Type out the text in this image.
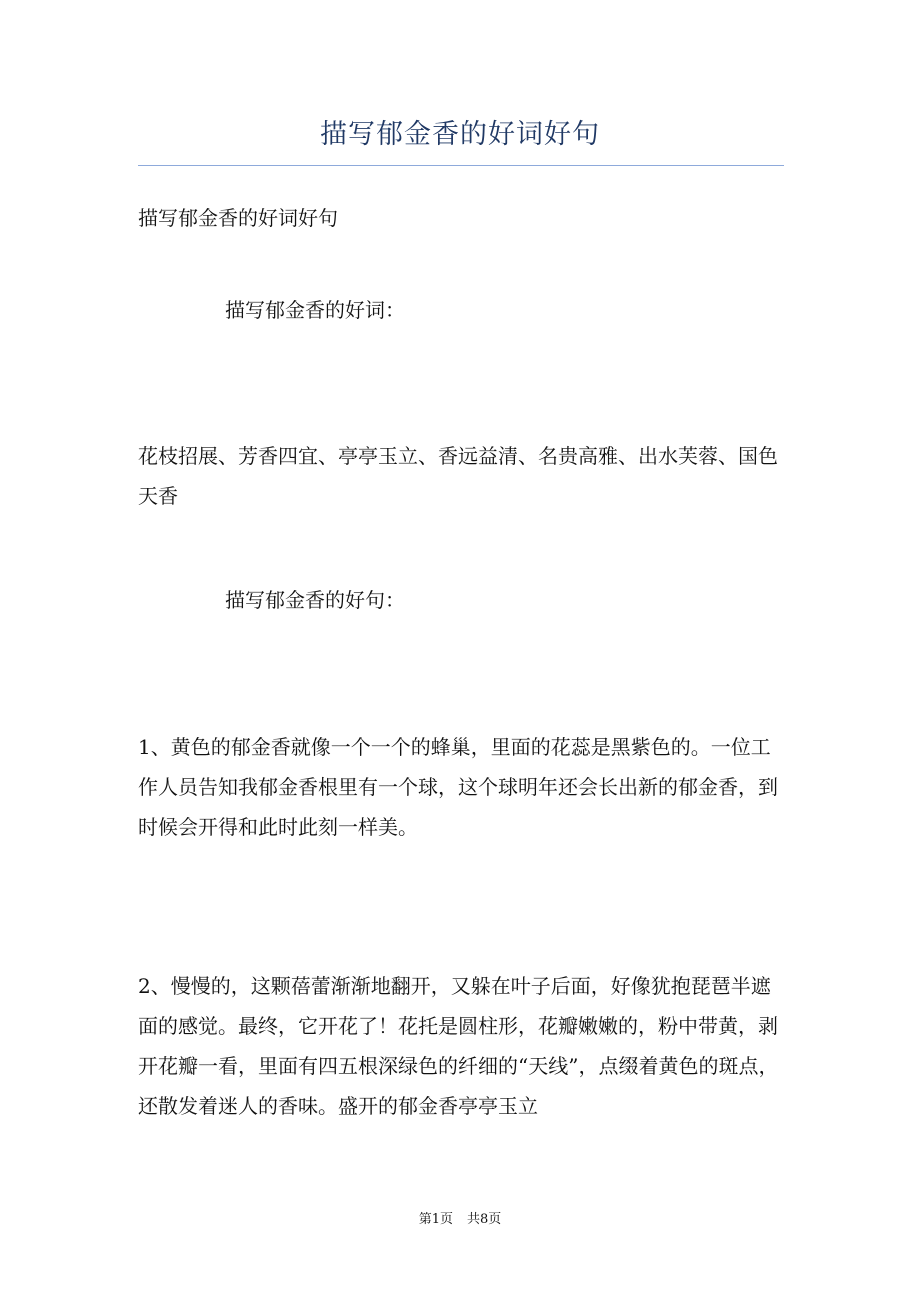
描写郁金香的好词好句

描写郁金香的好词好句

描写郁金香的好词：

花枝招展、芳香四宜、亭亭玉立、香远益清、名贵高雅、出水芙蓉、国色天香

描写郁金香的好句：

1、黄色的郁金香就像一个一个的蜂巢，里面的花蕊是黑紫色的。一位工作人员告知我郁金香根里有一个球，这个球明年还会长出新的郁金香，到时候会开得和此时此刻一样美。

2、慢慢的，这颗蓓蕾渐渐地翻开，又躲在叶子后面，好像犹抱琵琶半遮面的感觉。最终，它开花了！花托是圆柱形，花瓣嫩嫩的，粉中带黄，剥开花瓣一看，里面有四五根深绿色的纤细的“天线”，点缀着黄色的斑点，还散发着迷人的香味。盛开的郁金香亭亭玉立

第1页 共8页
